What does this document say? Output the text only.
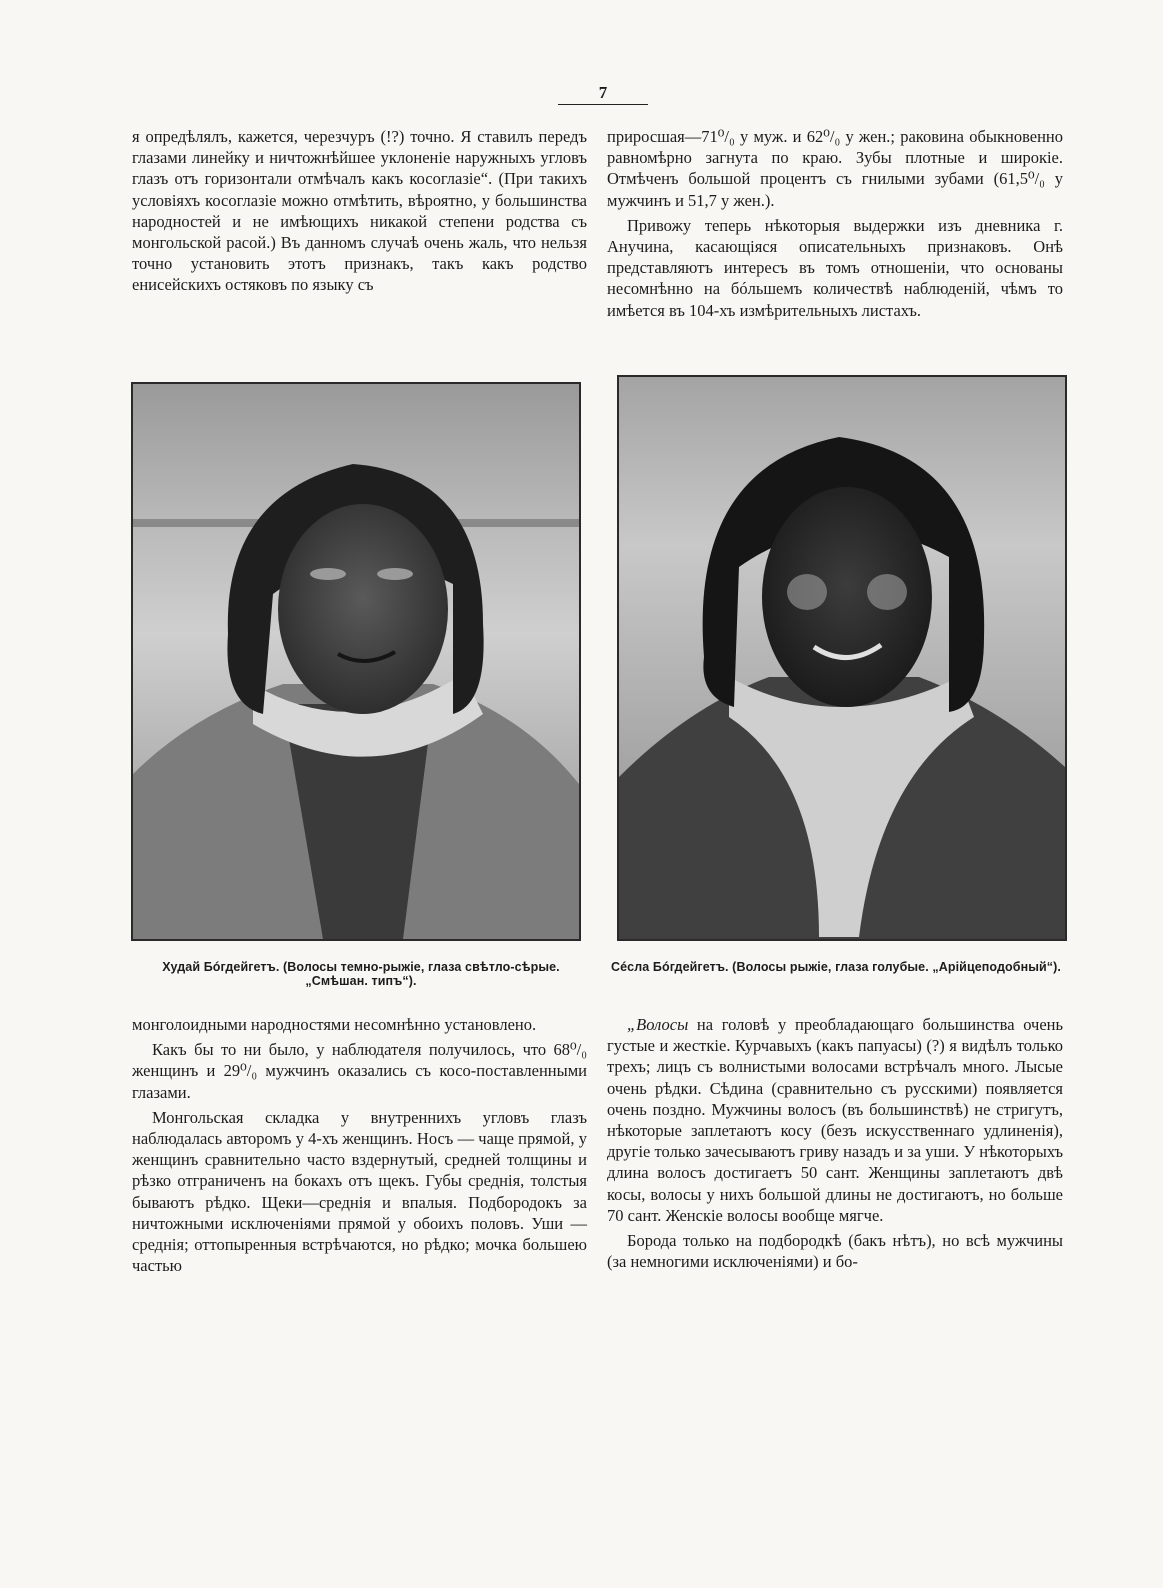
7

я опредѣлялъ, кажется, черезчуръ (!?) точно. Я ставилъ передъ глазами линейку и ничтожнѣйшее уклоненіе наружныхъ угловъ глазъ отъ горизонтали отмѣчалъ какъ косоглазіе“. (При такихъ условіяхъ косоглазіе можно отмѣтить, вѣроятно, у большинства народностей и не имѣющихъ никакой степени родства съ монгольской расой.) Въ данномъ случаѣ очень жаль, что нельзя точно установить этотъ признакъ, такъ какъ родство енисейскихъ остяковъ по языку съ

приросшая—71⁰/₀ у муж. и 62⁰/₀ у жен.; раковина обыкновенно равномѣрно загнута по краю. Зубы плотные и широкіе. Отмѣченъ большой процентъ съ гнилыми зубами (61,5⁰/₀ у мужчинъ и 51,7 у жен.).

Привожу теперь нѣкоторыя выдержки изъ дневника г. Анучина, касающіяся описательныхъ признаковъ. Онѣ представляютъ интересъ въ томъ отношеніи, что основаны несомнѣнно на бóльшемъ количествѣ наблюденій, чѣмъ то имѣется въ 104-хъ измѣрительныхъ листахъ.

Худай Бóгдейгетъ. (Волосы темно-рыжіе, глаза свѣтло-сѣрые. „Смѣшан. типъ“).
Сéсла Бóгдейгетъ. (Волосы рыжіе, глаза голубые. „Арійцеподобный“).

монголоидными народностями несомнѣнно установлено.

Какъ бы то ни было, у наблюдателя получилось, что 68⁰/₀ женщинъ и 29⁰/₀ мужчинъ оказались съ косо-поставленными глазами.

Монгольская складка у внутреннихъ угловъ глазъ наблюдалась авторомъ у 4-хъ женщинъ. Носъ — чаще прямой, у женщинъ сравнительно часто вздернутый, средней толщины и рѣзко отграниченъ на бокахъ отъ щекъ. Губы среднія, толстыя бываютъ рѣдко. Щеки—среднія и впалыя. Подбородокъ за ничтожными исключеніями прямой у обоихъ половъ. Уши — среднія; оттопыренныя встрѣчаются, но рѣдко; мочка большею частью

„Волосы на головѣ у преобладающаго большинства очень густые и жесткіе. Курчавыхъ (какъ папуасы) (?) я видѣлъ только трехъ; лицъ съ волнистыми волосами встрѣчалъ много. Лысые очень рѣдки. Сѣдина (сравнительно съ русскими) появляется очень поздно. Мужчины волосъ (въ большинствѣ) не стригутъ, нѣкоторые заплетаютъ косу (безъ искусственнаго удлиненія), другіе только зачесываютъ гриву назадъ и за уши. У нѣкоторыхъ длина волосъ достигаетъ 50 сант. Женщины заплетаютъ двѣ косы, волосы у нихъ большой длины не достигаютъ, но больше 70 сант. Женскіе волосы вообще мягче.

Борода только на подбородкѣ (бакъ нѣтъ), но всѣ мужчины (за немногими исключеніями) и бо-
